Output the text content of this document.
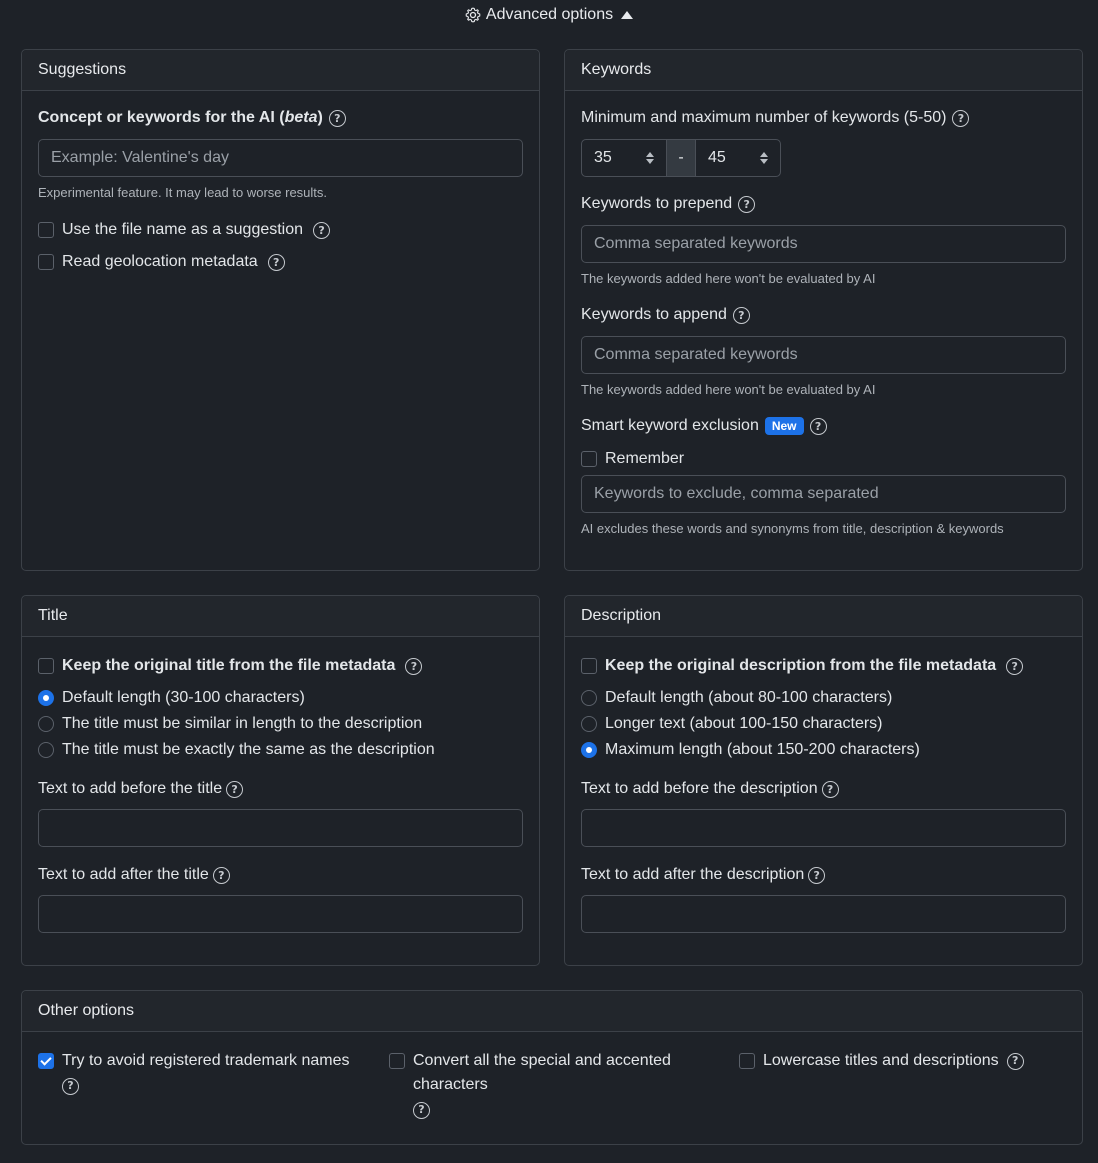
Advanced options
Suggestions
Concept or keywords for the AI (beta)	?
Example: Valentine's day
Experimental feature. It may lead to worse results.
Use the file name as a suggestion	?
Read geolocation metadata	?
Keywords
Minimum and maximum number of keywords (5-50)	?
35	-	45
Keywords to prepend	?
Comma separated keywords
The keywords added here won't be evaluated by AI
Keywords to append	?
Comma separated keywords
The keywords added here won't be evaluated by AI
Smart keyword exclusion	New	?
Remember
Keywords to exclude, comma separated
AI excludes these words and synonyms from title, description & keywords
Title
Keep the original title from the file metadata	?
Default length (30-100 characters)
The title must be similar in length to the description
The title must be exactly the same as the description
Text to add before the title ?
Text to add after the title ?
Description
Keep the original description from the file metadata	?
Default length (about 80-100 characters)
Longer text (about 100-150 characters)
Maximum length (about 150-200 characters)
Text to add before the description ?
Text to add after the description ?
Other options
Try to avoid registered trademark names
?
Convert all the special and accented characters
?
Lowercase titles and descriptions	?
